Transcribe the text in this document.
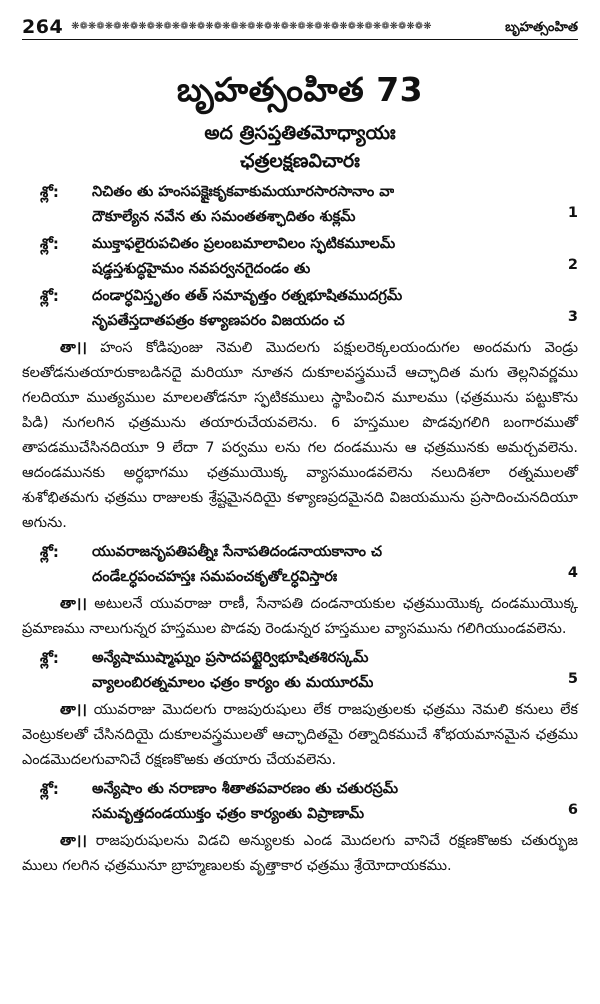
264 ❋❁❋❁❋❁❋❁❋❁❋❁❋❁❋❁❋❁❋❁❋❁❋❁❋❁❋❁❋❁❋❁❋❁❋❁❋❁❋❁❋❁❋	బృహత్సంహిత
బృహత్సంహిత 73
అద త్రిసప్తతితమోధ్యాయః
ఛత్రలక్షణవిచారః
శ్లో:	నిచితం తు హంసపక్షైఃకృకవాకుమయూరసారసానాం వా
దౌకూల్యేన నవేన తు సమంతతశ్ఛాదితం శుక్లమ్	1
శ్లో:	ముక్తాఫలైరుపచితం ప్రలంబమాలావిలం స్ఫటికమూలమ్
షడ్ఢస్తశుద్ధహైమం నవపర్వనగైదండం తు	2
శ్లో:	దండార్ధవిస్తృతం తత్ సమావృత్తం రత్నభూషితముదగ్రమ్
నృపతేస్తదాతపత్రం కళ్యాణపరం విజయదం చ	3
తా।। హంస కోడిపుంజు నెమలి మొదలగు పక్షులరెక్కలయందుగల అందమగు వెండ్రు కలతోడనుతయారుకాబడినదై మరియూ నూతన దుకూలవస్త్రముచే ఆచ్ఛాదిత మగు తెల్లనివర్ణము గలదియూ ముత్యముల మాలలతోడనూ స్ఫటికములు స్థాపించిన మూలము (ఛత్రమును పట్టుకొను పిడి) నుగలగిన ఛత్రమును తయారుచేయవలెను. 6 హస్తముల పొడవుగలిగి బంగారముతో తాపడముచేసినదియూ 9 లేదా 7 పర్వము లను గల దండమును ఆ ఛత్రమునకు అమర్చవలెను. ఆదండమునకు అర్ధభాగము ఛత్రముయొక్క వ్యాసముండవలెను నలుదిశలా రత్నములతో శుశోభితమగు ఛత్రము రాజులకు శ్రేష్టమైనదియై కళ్యాణప్రదమైనది విజయమును ప్రసాదించునదియూ అగును.
శ్లో:	యువరాజనృపతిపత్నీః సేనాపతిదండనాయకానాం చ
దండేఽర్ధపంచహస్తః సమపంచకృతోఽర్ధవిస్తారః	4
తా।। అటులనే యువరాజు రాణీ, సేనాపతి దండనాయకుల ఛత్రముయొక్క దండముయొక్క ప్రమాణము నాలుగున్నర హస్తముల పొడవు రెండున్నర హస్తముల వ్యాసమును గలిగియుండవలెను.
శ్లో:	అన్యేషాముష్మాఘ్నం ప్రసాదపట్టైర్విభూషితశిరస్కమ్
వ్యాలంబిరత్నమాలం ఛత్రం కార్యం తు మయూరమ్	5
తా।। యువరాజు మొదలగు రాజపురుషులు లేక రాజపుత్రులకు ఛత్రము నెమలి కనులు లేక వెంట్రుకలతో చేసినదియై దుకూలవస్త్రములతో ఆచ్ఛాదితమై రత్నాదికముచే శోభయమానమైన ఛత్రము ఎండమొదలగువానిచే రక్షణకొఱకు తయారు చేయవలెను.
శ్లో:	అన్యేషాం తు నరాణాం శీతాతపవారణం తు చతురస్రమ్
సమవృత్తదండయుక్తం ఛత్రం కార్యంతు విప్రాణామ్	6
తా।। రాజపురుషులను విడచి అన్యులకు ఎండ మొదలగు వానిచే రక్షణకొఱకు చతుర్భుజ ములు గలగిన ఛత్రమునూ బ్రాహ్మణులకు వృత్తాకార ఛత్రము శ్రేయోదాయకము.
